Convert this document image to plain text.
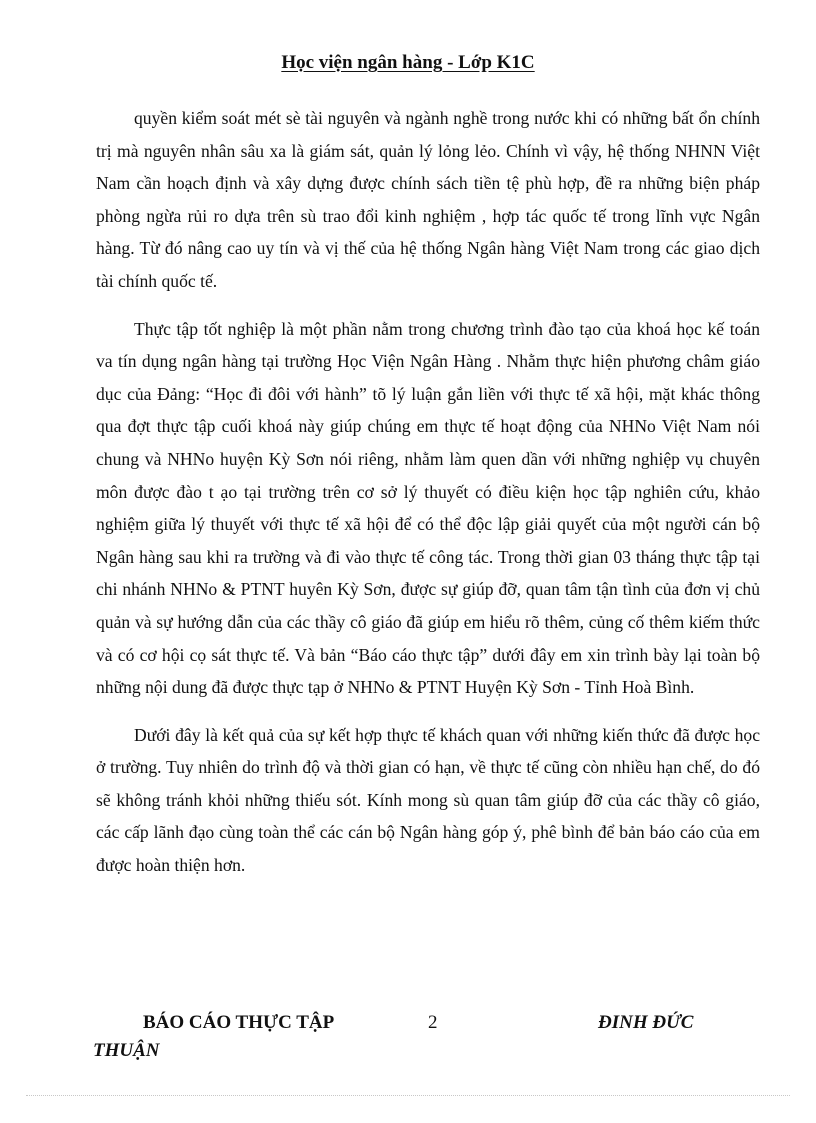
Học viện ngân hàng - Lớp K1C

quyền kiểm soát mét sè tài nguyên và ngành nghề trong nước khi có những bất ổn chính trị mà nguyên nhân sâu xa là giám sát, quản lý lỏng lẻo. Chính vì vậy, hệ thống NHNN Việt Nam cần hoạch định và xây dựng được chính sách tiền tệ phù hợp, đề ra những biện pháp phòng ngừa rủi ro dựa trên sù trao đổi kinh nghiệm , hợp tác quốc tế trong lĩnh vực Ngân hàng. Từ đó nâng cao uy tín và vị thế của hệ thống Ngân hàng Việt Nam trong các giao dịch tài chính quốc tế.

Thực tập tốt nghiệp là một phần nằm trong chương trình đào tạo của khoá học kế toán va tín dụng ngân hàng tại trường Học Viện Ngân Hàng . Nhằm thực hiện phương châm giáo dục của Đảng: “Học đi đôi với hành” tõ lý luận gắn liền với thực tế xã hội, mặt khác thông qua đợt thực tập cuối khoá này giúp chúng em thực tế hoạt động của NHNo Việt Nam nói chung và NHNo huyện Kỳ Sơn nói riêng, nhằm làm quen dần với những nghiệp vụ chuyên môn được đào t ạo tại trường trên cơ sở lý thuyết có điều kiện học tập nghiên cứu, khảo nghiệm giữa lý thuyết với thực tế xã hội để có thể độc lập giải quyết của một người cán bộ Ngân hàng sau khi ra trường và đi vào thực tế công tác. Trong thời gian 03 tháng thực tập tại chi nhánh NHNo & PTNT huyên Kỳ Sơn, được sự giúp đỡ, quan tâm tận tình của đơn vị chủ quản và sự hướng dẫn của các thầy cô giáo đã giúp em hiểu rõ thêm, củng cố thêm kiếm thức và có cơ hội cọ sát thực tế. Và bản “Báo cáo thực tập” dưới đây em xin trình bày lại toàn bộ những nội dung đã được thực tạp ở NHNo & PTNT Huyện Kỳ Sơn - Tỉnh Hoà Bình.

Dưới đây là kết quả của sự kết hợp thực tế khách quan với những kiến thức đã được học ở trường. Tuy nhiên do trình độ và thời gian có hạn, về thực tế cũng còn nhiều hạn chế, do đó sẽ không tránh khỏi những thiếu sót. Kính mong sù quan tâm giúp đỡ của các thầy cô giáo, các cấp lãnh đạo cùng toàn thể các cán bộ Ngân hàng góp ý, phê bình để bản báo cáo của em được hoàn thiện hơn.

BÁO CÁO THỰC TẬP	2	ĐINH ĐỨC
THUẬN
